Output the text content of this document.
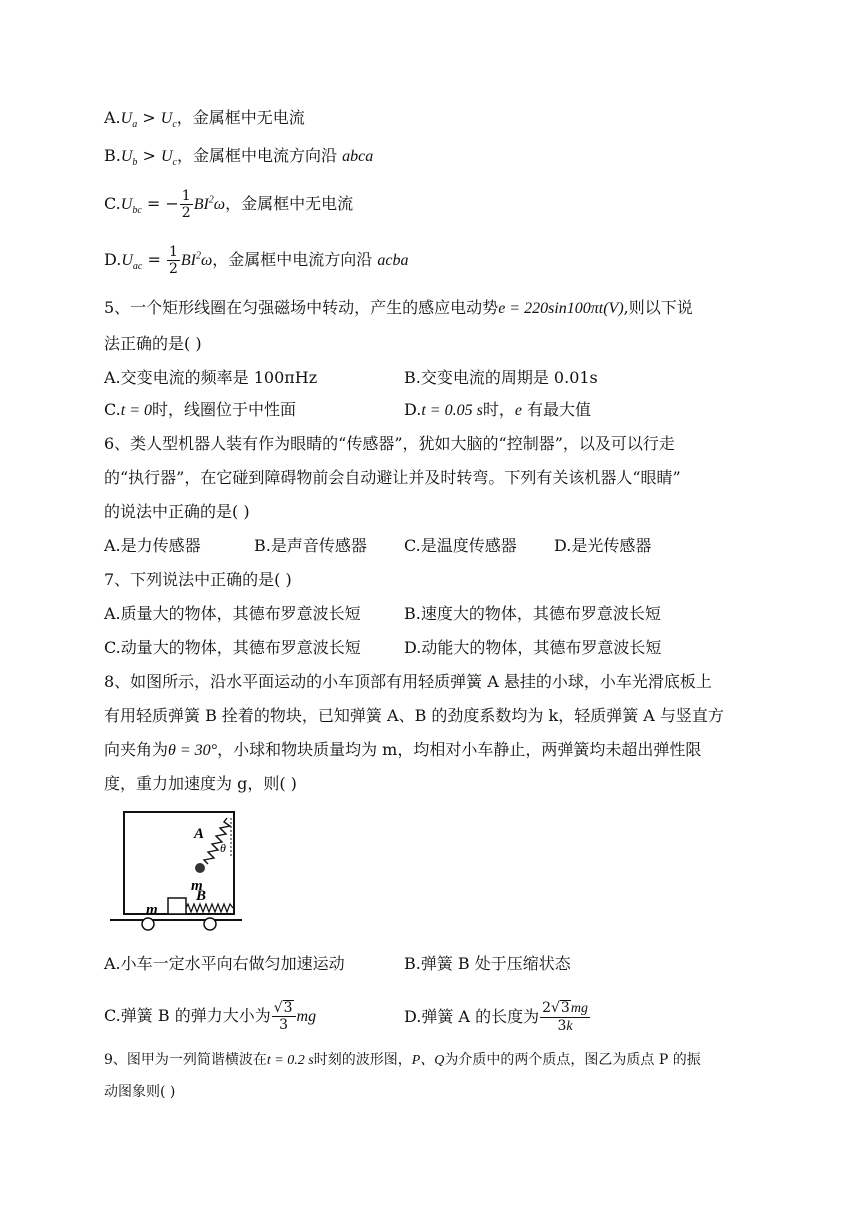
$A.U_a > U_c$，金属框中无电流
$B.U_b > U_c$，金属框中电流方向沿 abca
$C.U_{bc}$ = − $\frac{1}{2} BI^2\omega$，金属框中无电流
$D.U_{ac} = \frac{1}{2} BI^2\omega$，金属框中电流方向沿 acba
5、一个矩形线圈在匀强磁场中转动，产生的感应电动势e = 220sin100πt(V),则以下说
法正确的是( )
A.交变电流的频率是 100πHz	B.交变电流的周期是 0.01s
C.t = 0时，线圈位于中性面	D.t = 0.05 s时，e 有最大值
6、类人型机器人装有作为眼睛的“传感器”，犹如大脑的“控制器”，以及可以行走
的“执行器”，在它碰到障碍物前会自动避让并及时转弯。下列有关该机器人“眼睛”
的说法中正确的是( )
A.是力传感器	B.是声音传感器 C.是温度传感器 D.是光传感器
7、下列说法中正确的是( )
A.质量大的物体，其德布罗意波长短	B.速度大的物体，其德布罗意波长短
C.动量大的物体，其德布罗意波长短	D.动能大的物体，其德布罗意波长短
8、如图所示，沿水平面运动的小车顶部有用轻质弹簧 A 悬挂的小球，小车光滑底板上
有用轻质弹簧 B 拴着的物块，已知弹簧 A、B 的劲度系数均为 k，轻质弹簧 A 与竖直方
向夹角为θ = 30°，小球和物块质量均为 m，均相对小车静止，两弹簧均未超出弹性限
度，重力加速度为 g，则( )
A
θ
m
B
m
A.小车一定水平向右做匀加速运动	B.弹簧 B 处于压缩状态
C.弹簧 B 的弹力大小为 $\frac{√ 3}{3}$ mg	D.弹簧 A 的长度为 $\frac{2√ 3 mg}{3k}$
9、图甲为一列简谐横波在t = 0.2 s时刻的波形图，P、Q为介质中的两个质点，图乙为质点 P 的振
动图象则( )
